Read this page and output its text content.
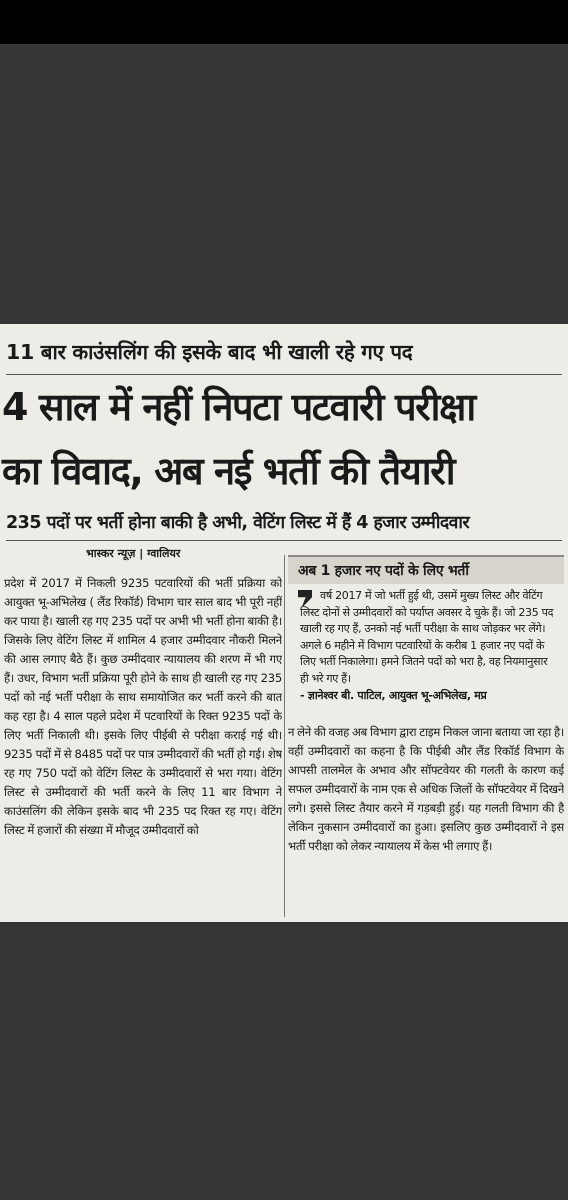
11 बार काउंसलिंग की इसके बाद भी खाली रहे गए पद
4 साल में नहीं निपटा पटवारी परीक्षा
का विवाद, अब नई भर्ती की तैयारी
235 पदों पर भर्ती होना बाकी है अभी, वेटिंग लिस्ट में हैं 4 हजार उम्मीदवार
भास्कर न्यूज़ | ग्वालियर

प्रदेश में 2017 में निकली 9235 पटवारियों की भर्ती प्रक्रिया को आयुक्त भू-अभिलेख ( लैंड रिकॉर्ड) विभाग चार साल बाद भी पूरी नहीं कर पाया है। खाली रह गए 235 पदों पर अभी भी भर्ती होना बाकी है। जिसके लिए वेटिंग लिस्ट में शामिल 4 हजार उम्मीदवार नौकरी मिलने की आस लगाए बैठे हैं। कुछ उम्मीदवार न्यायालय की शरण में भी गए हैं। उधर, विभाग भर्ती प्रक्रिया पूरी होने के साथ ही खाली रह गए 235 पदों को नई भर्ती परीक्षा के साथ समायोजित कर भर्ती करने की बात कह रहा है। 4 साल पहले प्रदेश में पटवारियों के रिक्त 9235 पदों के लिए भर्ती निकाली थी। इसके लिए पीईबी से परीक्षा कराई गई थी। 9235 पदों में से 8485 पदों पर पात्र उम्मीदवारों की भर्ती हो गई। शेष रह गए 750 पदों को वेटिंग लिस्ट के उम्मीदवारों से भरा गया। वेटिंग लिस्ट से उम्मीदवारों की भर्ती करने के लिए 11 बार विभाग ने काउंसलिंग की लेकिन इसके बाद भी 235 पद रिक्त रह गए। वेटिंग लिस्ट में हजारों की संख्या में मौजूद उम्मीदवारों को

अब 1 हजार नए पदों के लिए भर्ती

वर्ष 2017 में जो भर्ती हुई थी, उसमें मुख्य लिस्ट और वेटिंग लिस्ट दोनों से उम्मीदवारों को पर्याप्त अवसर दे चुके हैं। जो 235 पद खाली रह गए हैं, उनको नई भर्ती परीक्षा के साथ जोड़कर भर लेंगे। अगले 6 महीने में विभाग पटवारियों के करीब 1 हजार नए पदों के लिए भर्ती निकालेगा। हमने जितने पदों को भरा है, वह नियमानुसार ही भरे गए हैं।

- ज्ञानेश्वर बी. पाटिल, आयुक्त भू-अभिलेख, मप्र

न लेने की वजह अब विभाग द्वारा टाइम निकल जाना बताया जा रहा है। वहीं उम्मीदवारों का कहना है कि पीईबी और लैंड रिकॉर्ड विभाग के आपसी तालमेल के अभाव और सॉफ्टवेयर की गलती के कारण कई सफल उम्मीदवारों के नाम एक से अधिक जिलों के सॉफ्टवेयर में दिखने लगे। इससे लिस्ट तैयार करने में गड़बड़ी हुई। यह गलती विभाग की है लेकिन नुकसान उम्मीदवारों का हुआ। इसलिए कुछ उम्मीदवारों ने इस भर्ती परीक्षा को लेकर न्यायालय में केस भी लगाए हैं।
